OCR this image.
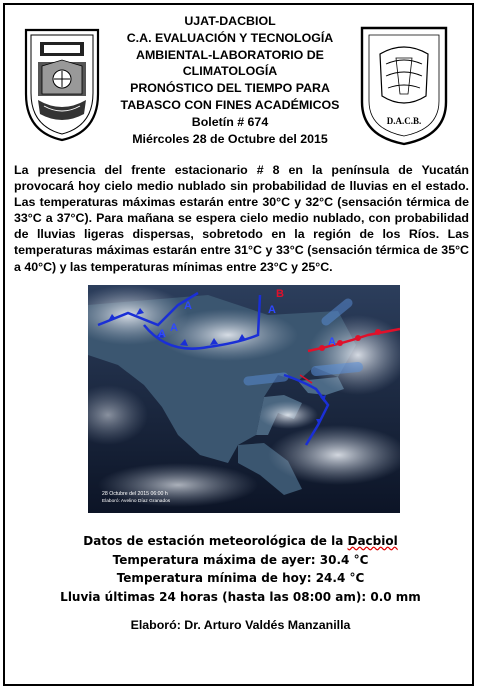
D.A.C.B.
UJAT-DACBIOL
C.A. EVALUACIÓN Y TECNOLOGÍA
AMBIENTAL-LABORATORIO DE
CLIMATOLOGÍA
PRONÓSTICO DEL TIEMPO PARA
TABASCO CON FINES ACADÉMICOS
Boletín # 674
Miércoles 28 de Octubre del 2015
La presencia del frente estacionario # 8 en la península de Yucatán provocará hoy cielo medio nublado sin probabilidad de lluvias en el estado. Las temperaturas máximas estarán entre 30°C y 32°C (sensación térmica de 33°C a 37°C). Para mañana se espera cielo medio nublado, con probabilidad de lluvias ligeras dispersas, sobretodo en la región de los Ríos. Las temperaturas máximas estarán entre 31°C y 33°C (sensación térmica de 35°C a 40°C) y las temperaturas mínimas entre 23°C y 25°C.
A
A A
B
A
A
28 Octubre del 2015 06:00 h
Elaboró: Avelino Díaz Granados
Datos de estación meteorológica de la Dacbiol
Temperatura máxima de ayer: 30.4 °C
Temperatura mínima de hoy: 24.4 °C
Lluvia últimas 24 horas (hasta las 08:00 am): 0.0 mm
Elaboró: Dr. Arturo Valdés Manzanilla
